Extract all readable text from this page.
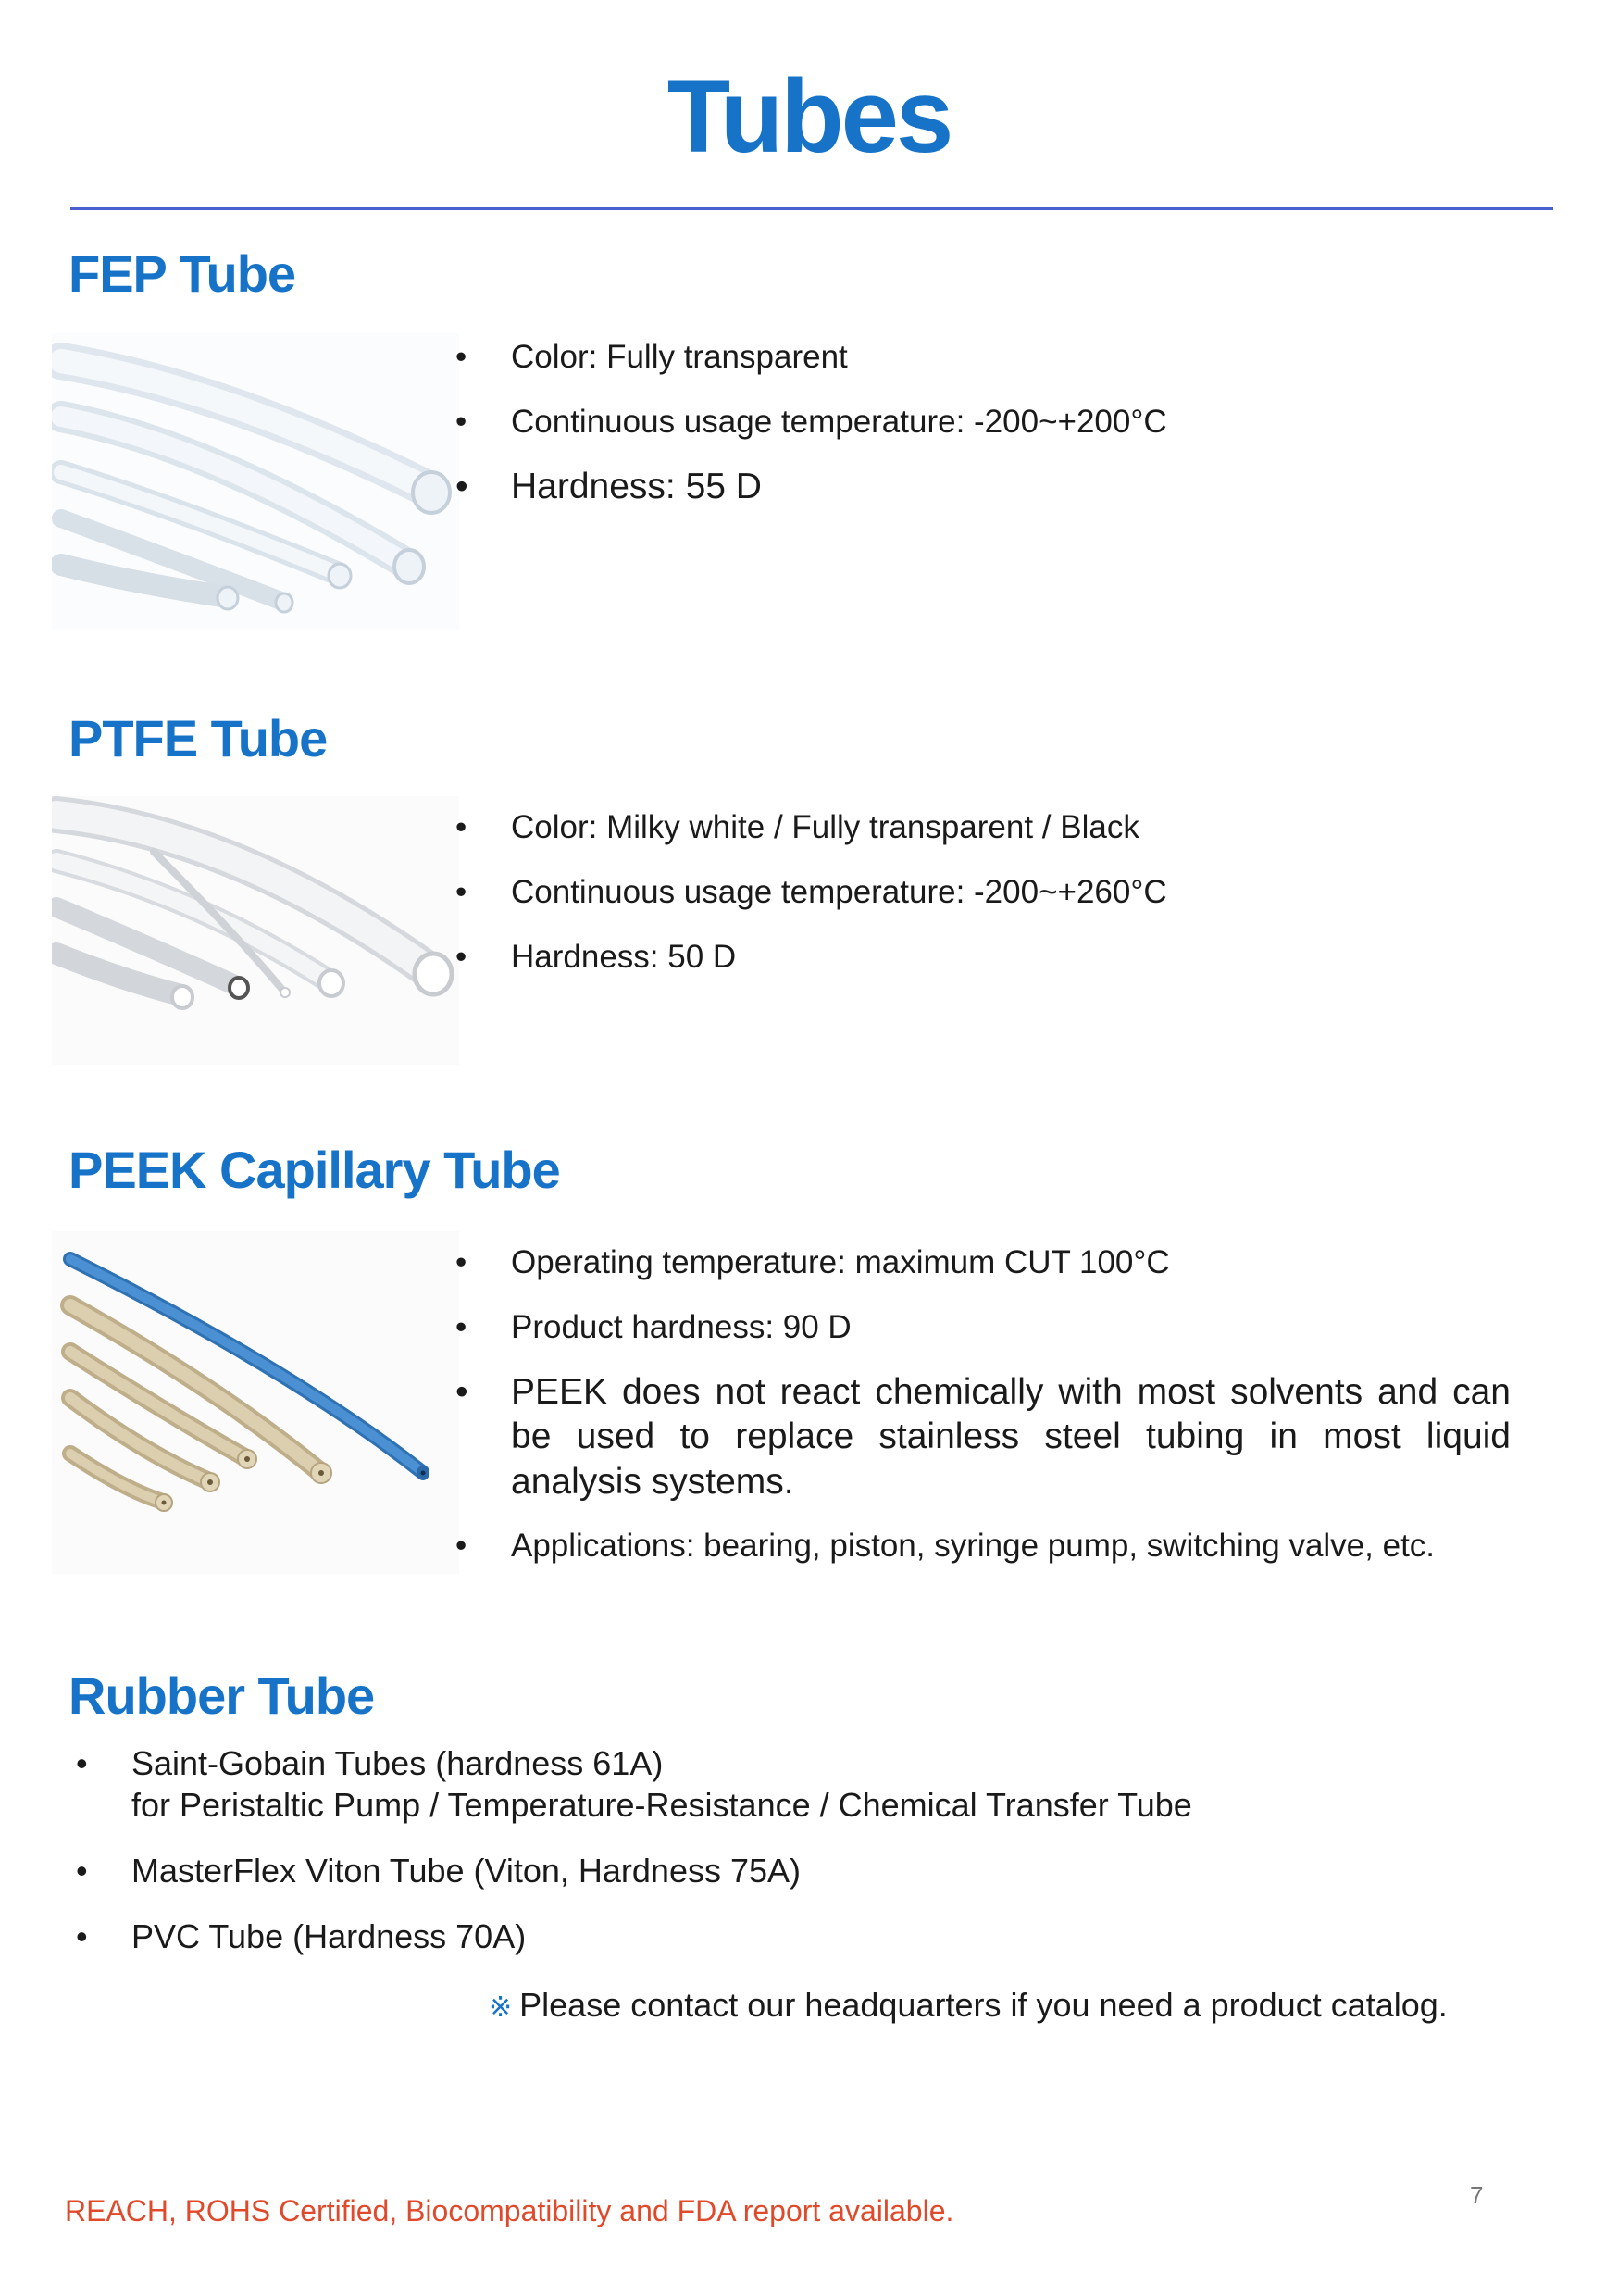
Tubes
FEP Tube
• Color: Fully transparent
• Continuous usage temperature: -200~+200°C
• Hardness: 55 D
PTFE Tube
• Color: Milky white / Fully transparent / Black
• Continuous usage temperature: -200~+260°C
• Hardness: 50 D
PEEK Capillary Tube
• Operating temperature: maximum CUT 100°C
• Product hardness: 90 D
• PEEK does not react chemically with most solvents and can be used to replace stainless steel tubing in most liquid analysis systems.
• Applications: bearing, piston, syringe pump, switching valve, etc.
Rubber Tube
• Saint-Gobain Tubes (hardness 61A)
for Peristaltic Pump / Temperature-Resistance / Chemical Transfer Tube
• MasterFlex Viton Tube (Viton, Hardness 75A)
• PVC Tube (Hardness 70A)
※ Please contact our headquarters if you need a product catalog.
REACH, ROHS Certified, Biocompatibility and FDA report available.	7
